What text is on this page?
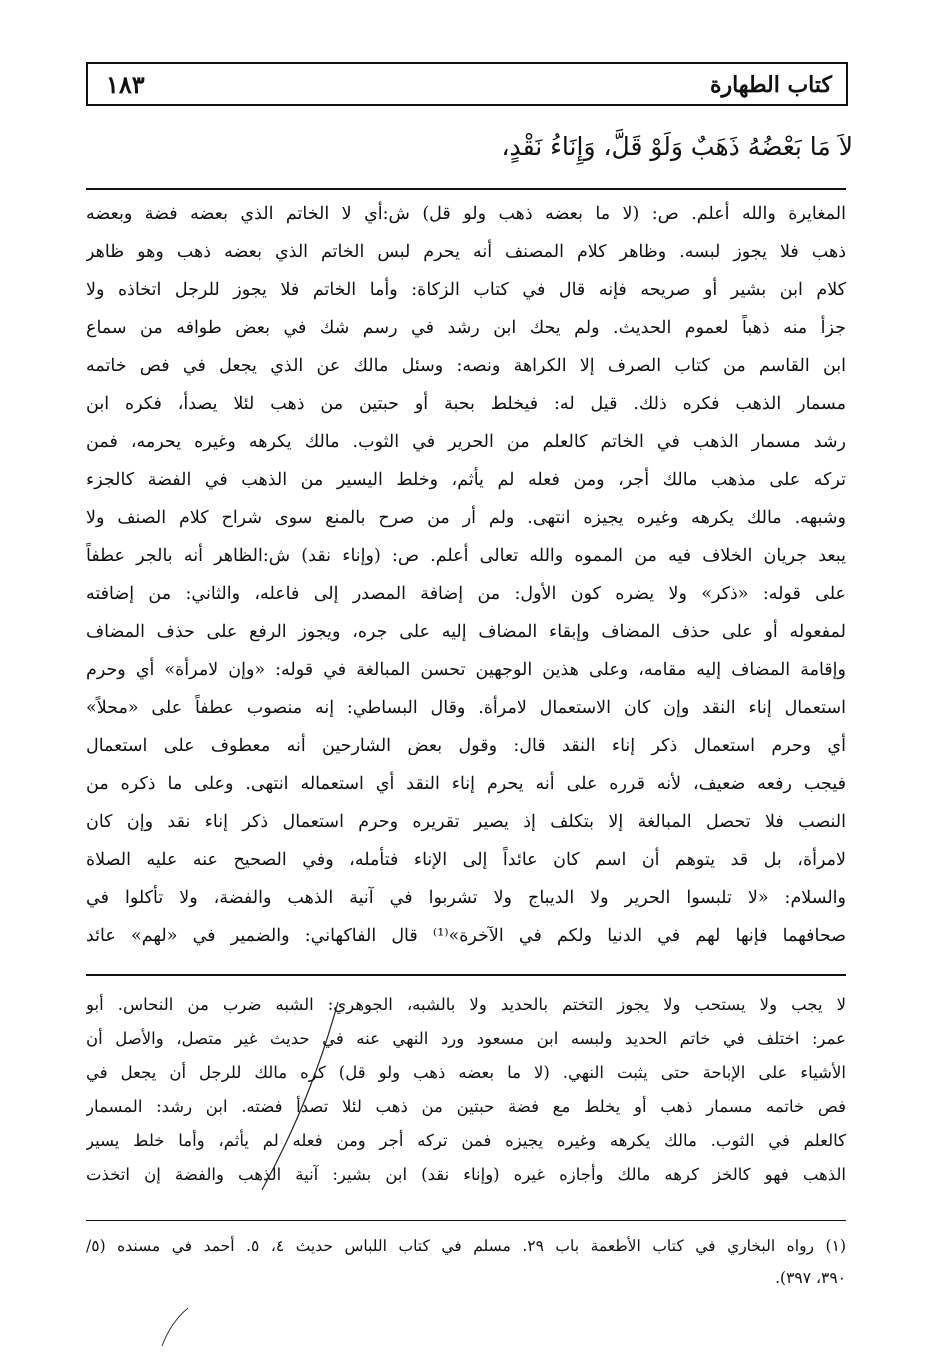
كتاب الطهارة
١٨٣
لاَ مَا بَعْضُهُ ذَهَبٌ وَلَوْ قَلَّ، وَإِنَاءُ نَقْدٍ،
المغايرة والله أعلم. ص: (لا ما بعضه ذهب ولو قل) ش:أي لا الخاتم الذي بعضه فضة وبعضه
ذهب فلا يجوز لبسه. وظاهر كلام المصنف أنه يحرم لبس الخاتم الذي بعضه ذهب وهو ظاهر
كلام ابن بشير أو صريحه فإنه قال في كتاب الزكاة: وأما الخاتم فلا يجوز للرجل اتخاذه ولا
جزأ منه ذهباً لعموم الحديث. ولم يحك ابن رشد في رسم شك في بعض طوافه من سماع
ابن القاسم من كتاب الصرف إلا الكراهة ونصه: وسئل مالك عن الذي يجعل في فص خاتمه
مسمار الذهب فكره ذلك. قيل له: فيخلط بحبة أو حبتين من ذهب لئلا يصدأ، فكره ابن
رشد مسمار الذهب في الخاتم كالعلم من الحرير في الثوب. مالك يكرهه وغيره يحرمه، فمن
تركه على مذهب مالك أجر، ومن فعله لم يأثم، وخلط اليسير من الذهب في الفضة كالجزء
وشبهه. مالك يكرهه وغيره يجيزه انتهى. ولم أر من صرح بالمنع سوى شراح كلام الصنف ولا
يبعد جريان الخلاف فيه من المموه والله تعالى أعلم. ص: (وإناء نقد) ش:الظاهر أنه بالجر عطفاً
على قوله: «ذكر» ولا يضره كون الأول: من إضافة المصدر إلى فاعله، والثاني: من إضافته
لمفعوله أو على حذف المضاف وإبقاء المضاف إليه على جره، ويجوز الرفع على حذف المضاف
وإقامة المضاف إليه مقامه، وعلى هذين الوجهين تحسن المبالغة في قوله: «وإن لامرأة» أي وحرم
استعمال إناء النقد وإن كان الاستعمال لامرأة. وقال البساطي: إنه منصوب عطفاً على «محلاً»
أي وحرم استعمال ذكر إناء النقد قال: وقول بعض الشارحين أنه معطوف على استعمال
فيجب رفعه ضعيف، لأنه قرره على أنه يحرم إناء النقد أي استعماله انتهى. وعلى ما ذكره من
النصب فلا تحصل المبالغة إلا بتكلف إذ يصير تقريره وحرم استعمال ذكر إناء نقد وإن كان
لامرأة، بل قد يتوهم أن اسم كان عائداً إلى الإناء فتأمله، وفي الصحيح عنه عليه الصلاة
والسلام: «لا تلبسوا الحرير ولا الديباج ولا تشربوا في آنية الذهب والفضة، ولا تأكلوا في
صحافهما فإنها لهم في الدنيا ولكم في الآخرة»⁽¹⁾ قال الفاكهاني: والضمير في «لهم» عائد
لا يجب ولا يستحب ولا يجوز التختم بالحديد ولا بالشبه، الجوهري: الشبه ضرب من النحاس. أبو
عمر: اختلف في خاتم الحديد ولبسه ابن مسعود ورد النهي عنه في حديث غير متصل، والأصل أن
الأشياء على الإباحة حتى يثبت النهي. (لا ما بعضه ذهب ولو قل) كره مالك للرجل أن يجعل في
فص خاتمه مسمار ذهب أو يخلط مع فضة حبتين من ذهب لئلا تصدأ فضته. ابن رشد: المسمار
كالعلم في الثوب. مالك يكرهه وغيره يجيزه فمن تركه أجر ومن فعله لم يأثم، وأما خلط يسير
الذهب فهو كالخز كرهه مالك وأجازه غيره (وإناء نقد) ابن بشير: آنية الذهب والفضة إن اتخذت
(١) رواه البخاري في كتاب الأطعمة باب ٢٩. مسلم في كتاب اللباس حديث ٤، ٥. أحمد في مسنده (٥/
٣٩٠، ٣٩٧).
